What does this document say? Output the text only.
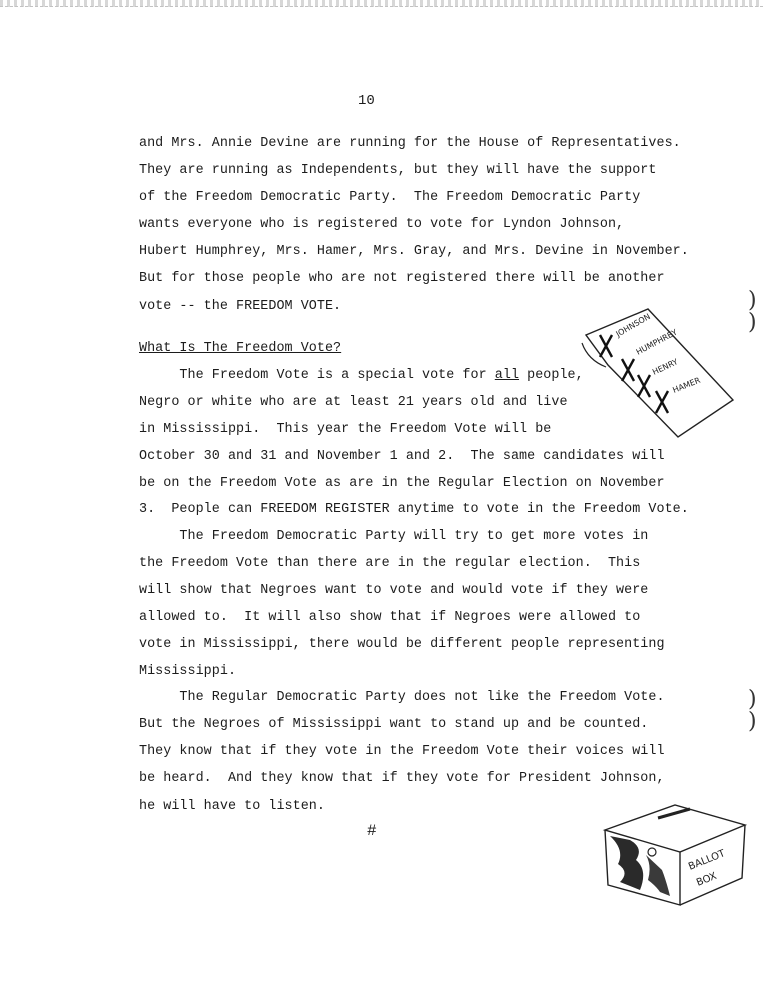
10
and Mrs. Annie Devine are running for the House of Representatives.
They are running as Independents, but they will have the support
of the Freedom Democratic Party.  The Freedom Democratic Party
wants everyone who is registered to vote for Lyndon Johnson,
Hubert Humphrey, Mrs. Hamer, Mrs. Gray, and Mrs. Devine in November.
But for those people who are not registered there will be another
vote -- the FREEDOM VOTE.
What Is The Freedom Vote?
The Freedom Vote is a special vote for all people,
Negro or white who are at least 21 years old and live
in Mississippi.  This year the Freedom Vote will be
October 30 and 31 and November 1 and 2.  The same candidates will
be on the Freedom Vote as are in the Regular Election on November
3.  People can FREEDOM REGISTER anytime to vote in the Freedom Vote.
The Freedom Democratic Party will try to get more votes in
the Freedom Vote than there are in the regular election.  This
will show that Negroes want to vote and would vote if they were
allowed to.  It will also show that if Negroes were allowed to
vote in Mississippi, there would be different people representing
Mississippi.
The Regular Democratic Party does not like the Freedom Vote.
But the Negroes of Mississippi want to stand up and be counted.
They know that if they vote in the Freedom Vote their voices will
be heard.  And they know that if they vote for President Johnson,
he will have to listen.
#
)
)
)
)
JOHNSON
HUMPHREY
HENRY
HAMER
BALLOT
BOX
